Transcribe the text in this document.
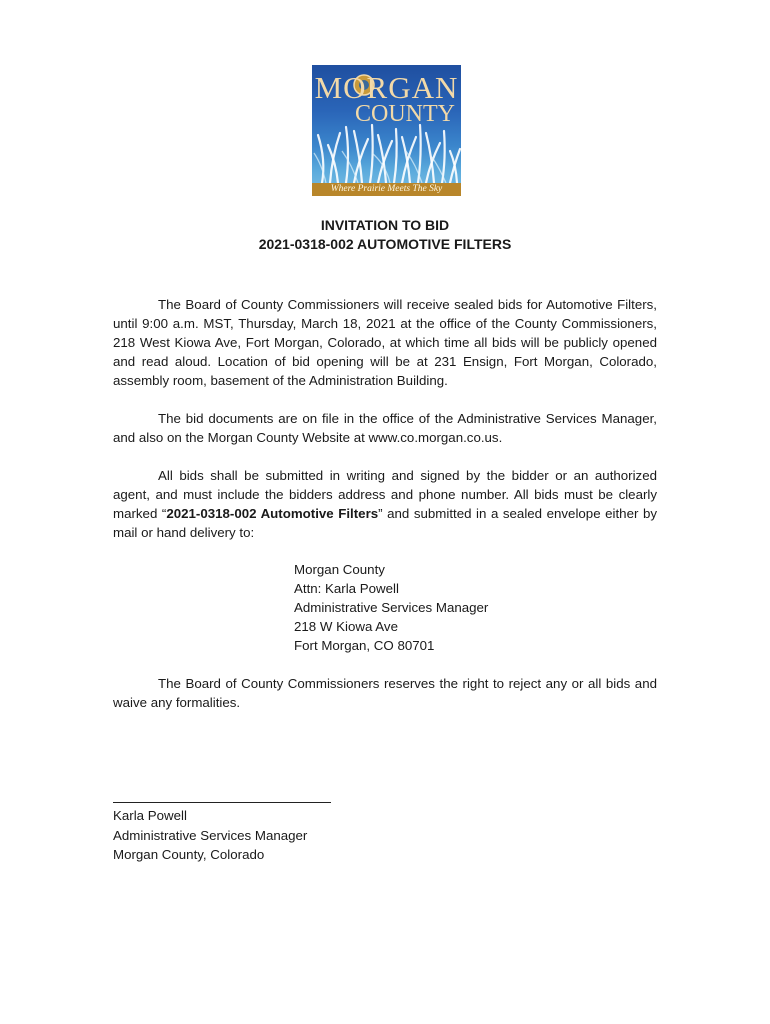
MORGAN
COUNTY
Where Prairie Meets The Sky
INVITATION TO BID
2021-0318-002 AUTOMOTIVE FILTERS

The Board of County Commissioners will receive sealed bids for Automotive Filters, until 9:00 a.m. MST, Thursday, March 18, 2021 at the office of the County Commissioners, 218 West Kiowa Ave, Fort Morgan, Colorado, at which time all bids will be publicly opened and read aloud. Location of bid opening will be at 231 Ensign, Fort Morgan, Colorado, assembly room, basement of the Administration Building.

The bid documents are on file in the office of the Administrative Services Manager, and also on the Morgan County Website at www.co.morgan.co.us.

All bids shall be submitted in writing and signed by the bidder or an authorized agent, and must include the bidders address and phone number. All bids must be clearly marked “2021-0318-002 Automotive Filters” and submitted in a sealed envelope either by mail or hand delivery to:

Morgan County
Attn: Karla Powell
Administrative Services Manager
218 W Kiowa Ave
Fort Morgan, CO 80701

The Board of County Commissioners reserves the right to reject any or all bids and waive any formalities.

Karla Powell
Administrative Services Manager
Morgan County, Colorado
